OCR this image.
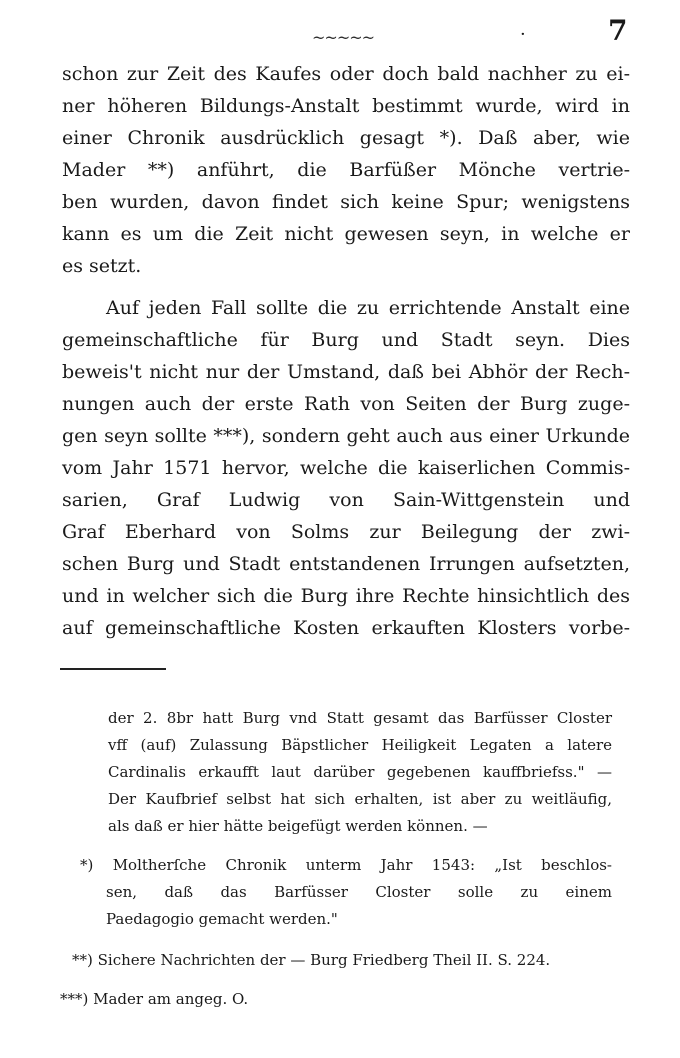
~~~~~	·	7
schon zur Zeit des Kaufes oder doch bald nachher zu ei-
ner höheren Bildungs-Anstalt bestimmt wurde, wird in
einer Chronik ausdrücklich gesagt *). Daß aber, wie
Mader **) anführt, die Barfüßer Mönche vertrie-
ben wurden, davon findet sich keine Spur; wenigstens
kann es um die Zeit nicht gewesen seyn, in welche er
es setzt.
Auf jeden Fall sollte die zu errichtende Anstalt eine
gemeinschaftliche für Burg und Stadt seyn. Dies
beweis't nicht nur der Umstand, daß bei Abhör der Rech-
nungen auch der erste Rath von Seiten der Burg zuge-
gen seyn sollte ***), sondern geht auch aus einer Urkunde
vom Jahr 1571 hervor, welche die kaiserlichen Commis-
sarien, Graf Ludwig von Sain-Wittgenstein und
Graf Eberhard von Solms zur Beilegung der zwi-
schen Burg und Stadt entstandenen Irrungen aufsetzten,
und in welcher sich die Burg ihre Rechte hinsichtlich des
auf gemeinschaftliche Kosten erkauften Klosters vorbe-
der 2. 8br hatt Burg vnd Statt gesamt das Barfüsser Closter
vff (auf) Zulassung Bäpstlicher Heiligkeit Legaten a latere
Cardinalis erkaufft laut darüber gegebenen kauffbriefss." —
Der Kaufbrief selbst hat sich erhalten, ist aber zu weitläufig,
als daß er hier hätte beigefügt werden können. —
*) Moltherſche Chronik unterm Jahr 1543: „Ist beschlos-
sen, daß das Barfüsser Closter solle zu einem
Paedagogio gemacht werden."
**) Sichere Nachrichten der — Burg Friedberg Theil II. S. 224.
***) Mader am angeg. O.
